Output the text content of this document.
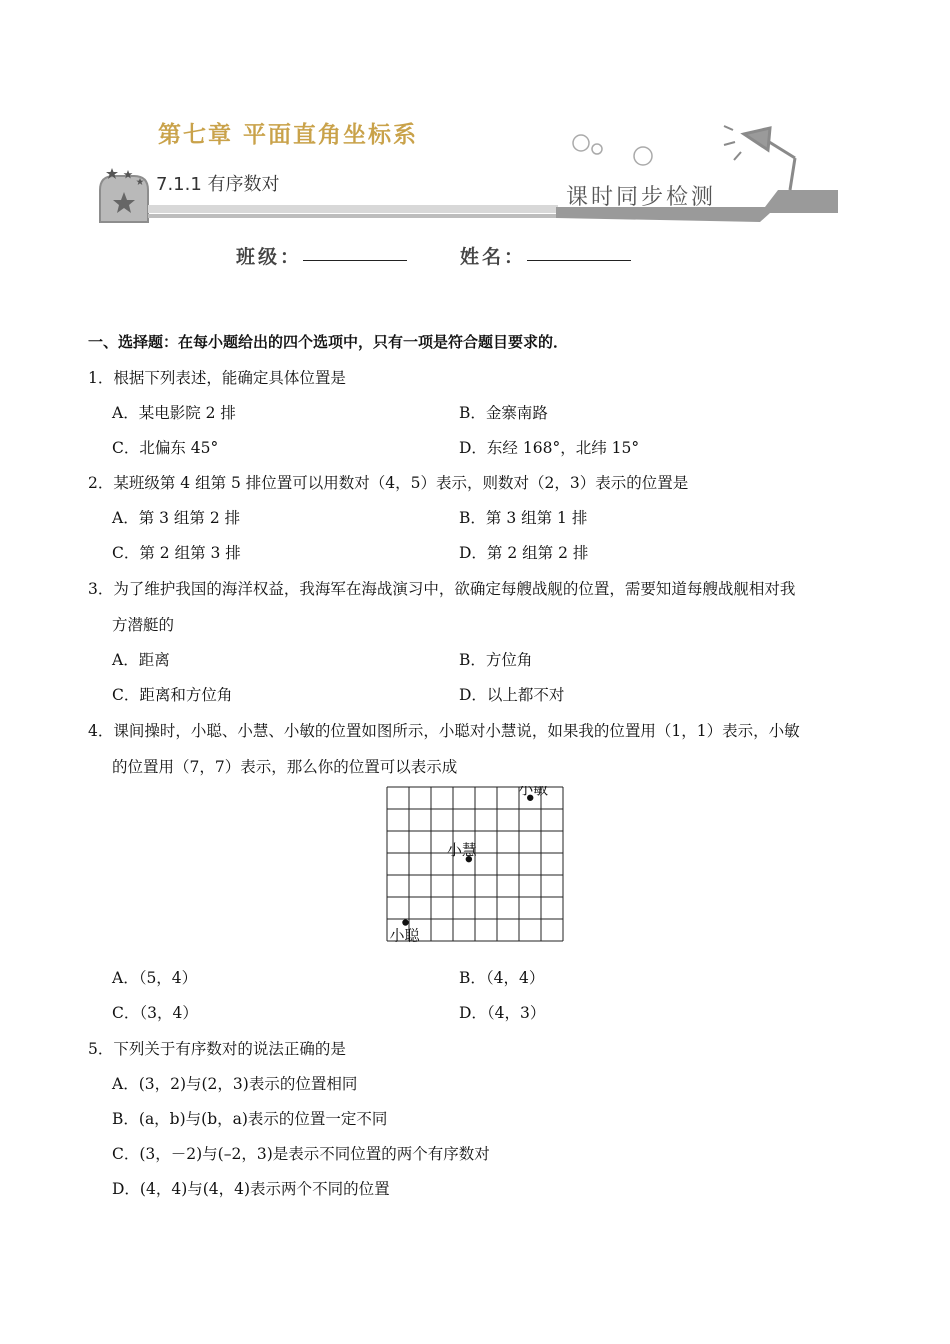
第七章 平面直角坐标系
7.1.1 有序数对
课时同步检测
班级：	姓名：
一、选择题：在每小题给出的四个选项中，只有一项是符合题目要求的．
1．根据下列表述，能确定具体位置是
A．某电影院 2 排	B．金寨南路
C．北偏东 45°	D．东经 168°，北纬 15°
2．某班级第 4 组第 5 排位置可以用数对（4，5）表示，则数对（2，3）表示的位置是
A．第 3 组第 2 排	B．第 3 组第 1 排
C．第 2 组第 3 排	D．第 2 组第 2 排
3．为了维护我国的海洋权益，我海军在海战演习中，欲确定每艘战舰的位置，需要知道每艘战舰相对我
方潜艇的
A．距离	B．方位角
C．距离和方位角	D．以上都不对
4．课间操时，小聪、小慧、小敏的位置如图所示，小聪对小慧说，如果我的位置用（1，1）表示，小敏
的位置用（7，7）表示，那么你的位置可以表示成
小敏
小慧
小聪
A．（5，4）	B．（4，4）
C．（3，4）	D．（4，3）
5．下列关于有序数对的说法正确的是
A．(3，2)与(2，3)表示的位置相同
B．(a，b)与(b，a)表示的位置一定不同
C．(3，－2)与(–2，3)是表示不同位置的两个有序数对
D．(4，4)与(4，4)表示两个不同的位置
